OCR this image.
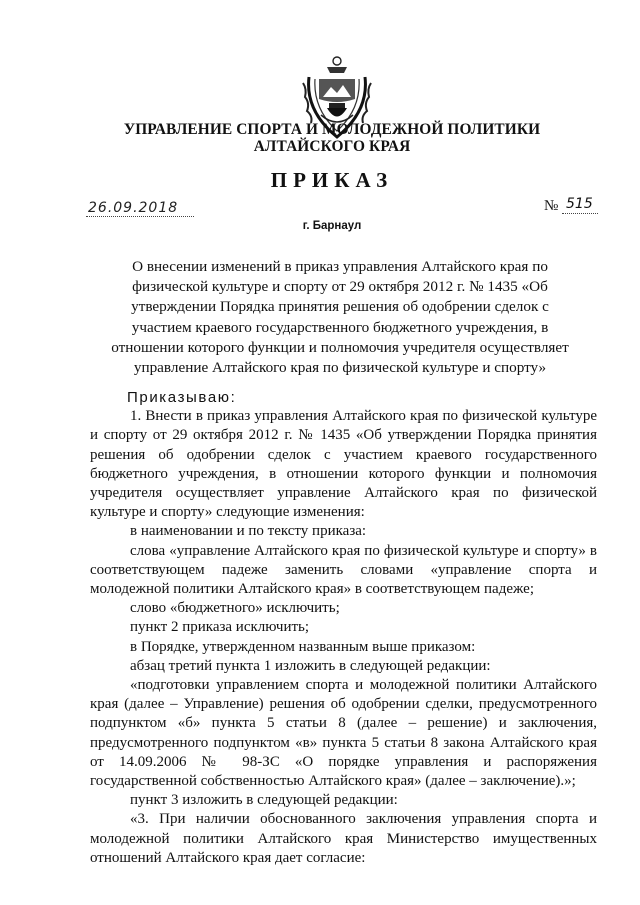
УПРАВЛЕНИЕ СПОРТА И МОЛОДЕЖНОЙ ПОЛИТИКИ
АЛТАЙСКОГО КРАЯ
ПРИКАЗ
26.09.2018	№ 515
г. Барнаул
О внесении изменений в приказ управления Алтайского края по физической культуре и спорту от 29 октября 2012 г. № 1435 «Об утверждении Порядка принятия решения об одобрении сделок с участием краевого государственного бюджетного учреждения, в отношении которого функции и полномочия учредителя осуществляет управление Алтайского края по физической культуре и спорту»

Приказываю:

1. Внести в приказ управления Алтайского края по физической культуре и спорту от 29 октября 2012 г. № 1435 «Об утверждении Порядка принятия решения об одобрении сделок с участием краевого государственного бюджетного учреждения, в отношении которого функции и полномочия учредителя осуществляет управление Алтайского края по физической культуре и спорту» следующие изменения:

в наименовании и по тексту приказа:

слова «управление Алтайского края по физической культуре и спорту» в соответствующем падеже заменить словами «управление спорта и молодежной политики Алтайского края» в соответствующем падеже;

слово «бюджетного» исключить;

пункт 2 приказа исключить;

в Порядке, утвержденном названным выше приказом:

абзац третий пункта 1 изложить в следующей редакции:

«подготовки управлением спорта и молодежной политики Алтайского края (далее – Управление) решения об одобрении сделки, предусмотренного подпунктом «б» пункта 5 статьи 8 (далее – решение) и заключения, предусмотренного подпунктом «в» пункта 5 статьи 8 закона Алтайского края от 14.09.2006 № 98-ЗС «О порядке управления и распоряжения государственной собственностью Алтайского края» (далее – заключение).»;

пункт 3 изложить в следующей редакции:

«3. При наличии обоснованного заключения управления спорта и молодежной политики Алтайского края Министерство имущественных отношений Алтайского края дает согласие:
